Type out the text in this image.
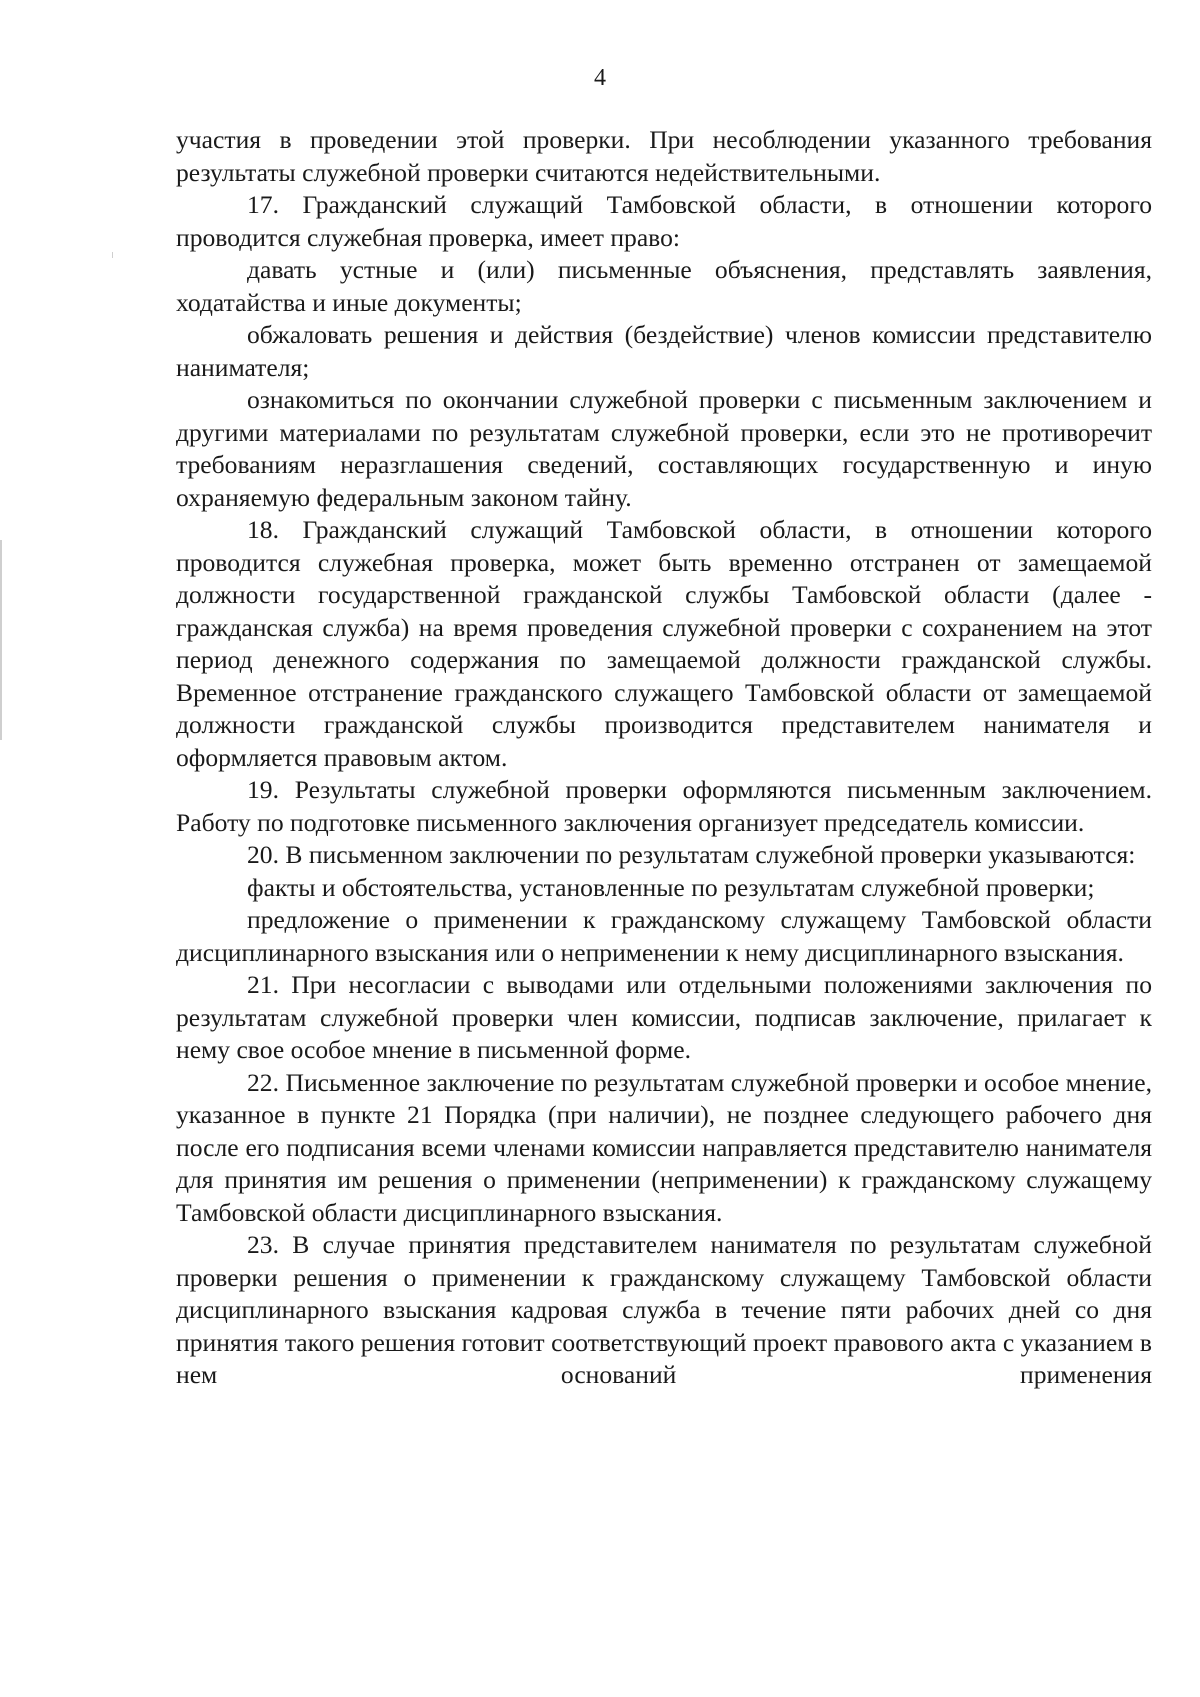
4

участия в проведении этой проверки. При несоблюдении указанного требования результаты служебной проверки считаются недействительными.

17. Гражданский служащий Тамбовской области, в отношении которого проводится служебная проверка, имеет право:

давать устные и (или) письменные объяснения, представлять заявления, ходатайства и иные документы;

обжаловать решения и действия (бездействие) членов комиссии представителю нанимателя;

ознакомиться по окончании служебной проверки с письменным заключением и другими материалами по результатам служебной проверки, если это не противоречит требованиям неразглашения сведений, составляющих государственную и иную охраняемую федеральным законом тайну.

18. Гражданский служащий Тамбовской области, в отношении которого проводится служебная проверка, может быть временно отстранен от замещаемой должности государственной гражданской службы Тамбовской области (далее - гражданская служба) на время проведения служебной проверки с сохранением на этот период денежного содержания по замещаемой должности гражданской службы. Временное отстранение гражданского служащего Тамбовской области от замещаемой должности гражданской службы производится представителем нанимателя и оформляется правовым актом.

19. Результаты служебной проверки оформляются письменным заключением. Работу по подготовке письменного заключения организует председатель комиссии.

20. В письменном заключении по результатам служебной проверки указываются:

факты и обстоятельства, установленные по результатам служебной проверки;

предложение о применении к гражданскому служащему Тамбовской области дисциплинарного взыскания или о неприменении к нему дисциплинарного взыскания.

21. При несогласии с выводами или отдельными положениями заключения по результатам служебной проверки член комиссии, подписав заключение, прилагает к нему свое особое мнение в письменной форме.

22. Письменное заключение по результатам служебной проверки и особое мнение, указанное в пункте 21 Порядка (при наличии), не позднее следующего рабочего дня после его подписания всеми членами комиссии направляется представителю нанимателя для принятия им решения о применении (неприменении) к гражданскому служащему Тамбовской области дисциплинарного взыскания.

23. В случае принятия представителем нанимателя по результатам служебной проверки решения о применении к гражданскому служащему Тамбовской области дисциплинарного взыскания кадровая служба в течение пяти рабочих дней со дня принятия такого решения готовит соответствующий проект правового акта с указанием в нем оснований применения
